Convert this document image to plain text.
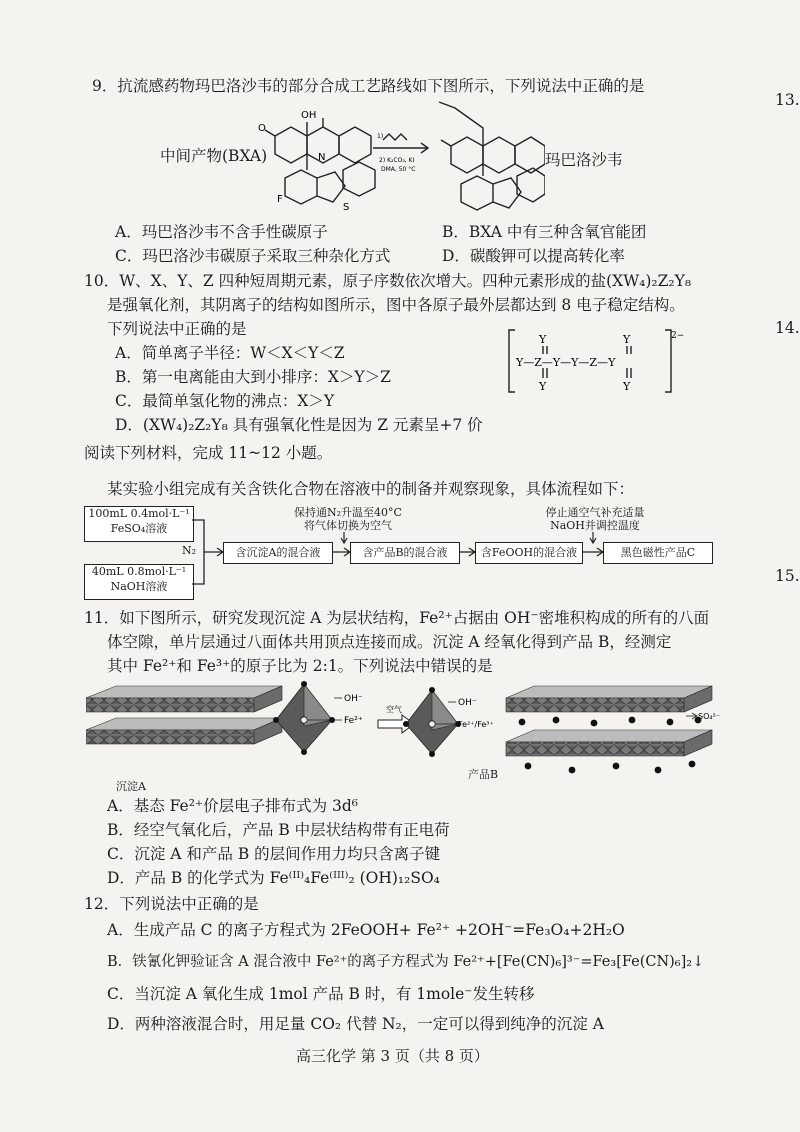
13.
14.
15.
9．抗流感药物玛巴洛沙韦的部分合成工艺路线如下图所示，下列说法中正确的是
中间产物(BXA)	玛巴洛沙韦
OH
O
N
F
S
1)
2) K₂CO₃, KI
DMA, 50 °C
A．玛巴洛沙韦不含手性碳原子	B．BXA 中有三种含氧官能团
C．玛巴洛沙韦碳原子采取三种杂化方式	D．碳酸钾可以提高转化率
10．W、X、Y、Z 四种短周期元素，原子序数依次增大。四种元素形成的盐(XW₄)₂Z₂Y₈
是强氧化剂，其阴离子的结构如图所示，图中各原子最外层都达到 8 电子稳定结构。
下列说法中正确的是
A．简单离子半径：W＜X＜Y＜Z
B．第一电离能由大到小排序：X＞Y＞Z
C．最简单氢化物的沸点：X＞Y
D．(XW₄)₂Z₂Y₈ 具有强氧化性是因为 Z 元素呈+7 价
Y	Y
Y—Z—Y—Y—Z—Y
Y	Y
2−
阅读下列材料，完成 11~12 小题。
某实验小组完成有关含铁化合物在溶液中的制备并观察现象，具体流程如下：
100mL 0.4mol·L⁻¹
FeSO₄溶液
40mL 0.8mol·L⁻¹
NaOH溶液
N₂	含沉淀A的混合液	含产品B的混合液	含FeOOH的混合液	黑色磁性产品C
保持通N₂升温至40°C
将气体切换为空气
停止通空气补充适量
NaOH并调控温度
11．如下图所示，研究发现沉淀 A 为层状结构，Fe²⁺占据由 OH⁻密堆积构成的所有的八面
体空隙，单片层通过八面体共用顶点连接而成。沉淀 A 经氧化得到产品 B，经测定
其中 Fe²⁺和 Fe³⁺的原子比为 2:1。下列说法中错误的是
OH⁻
Fe²⁺
空气
OH⁻
Fe²⁺/Fe³⁺
SO₄²⁻
沉淀A
产品B
A．基态 Fe²⁺价层电子排布式为 3d⁶
B．经空气氧化后，产品 B 中层状结构带有正电荷
C．沉淀 A 和产品 B 的层间作用力均只含离子键
D．产品 B 的化学式为 Fe⁽ᴵᴵ⁾₄Fe⁽ᴵᴵᴵ⁾₂ (OH)₁₂SO₄
12．下列说法中正确的是
A．生成产品 C 的离子方程式为 2FeOOH+ Fe²⁺ +2OH⁻=Fe₃O₄+2H₂O
B．铁氰化钾验证含 A 混合液中 Fe²⁺的离子方程式为 Fe²⁺+[Fe(CN)₆]³⁻=Fe₃[Fe(CN)₆]₂↓
C．当沉淀 A 氧化生成 1mol 产品 B 时，有 1mole⁻发生转移
D．两种溶液混合时，用足量 CO₂ 代替 N₂，一定可以得到纯净的沉淀 A
高三化学 第 3 页（共 8 页）
